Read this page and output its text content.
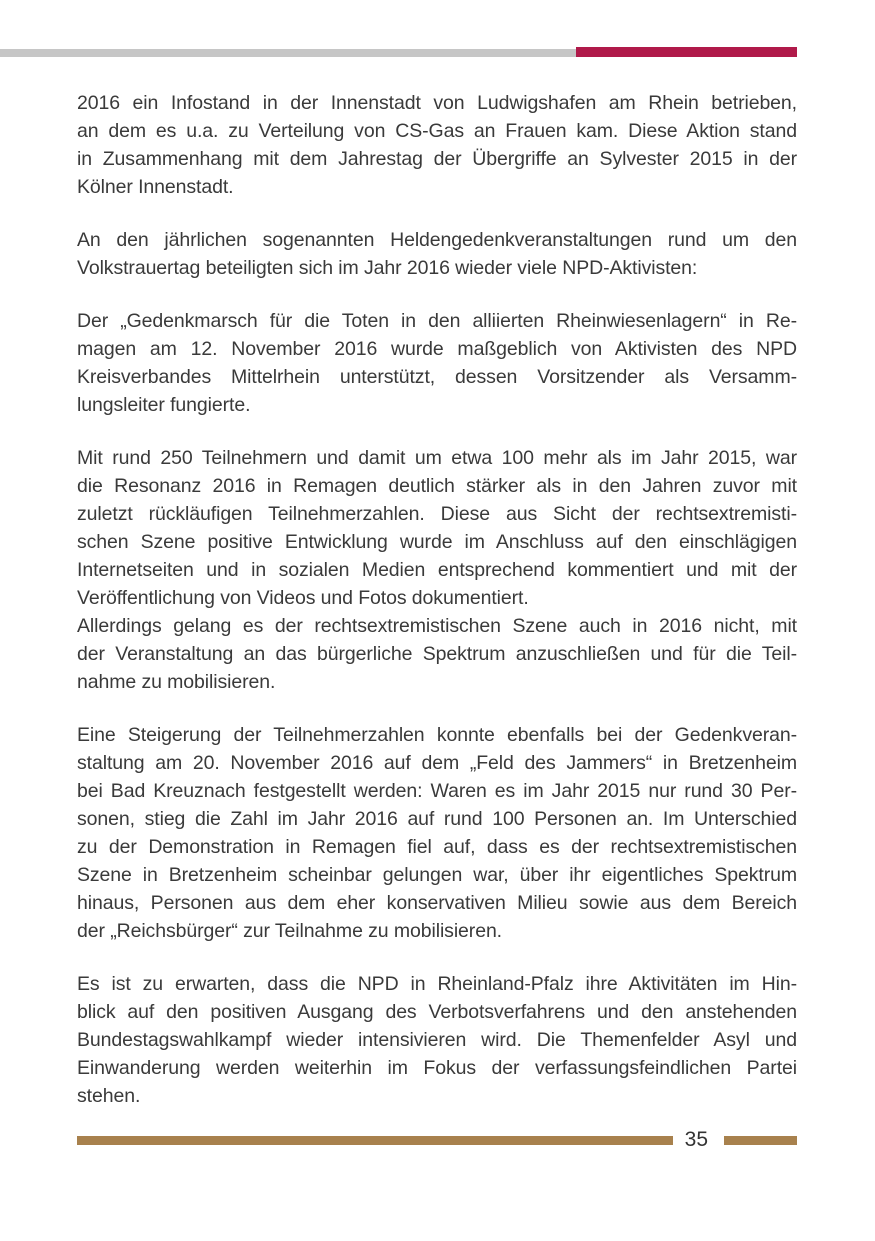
2016 ein Infostand in der Innenstadt von Ludwigshafen am Rhein betrieben,
an dem es u.a. zu Verteilung von CS-Gas an Frauen kam. Diese Aktion stand
in Zusammenhang mit dem Jahrestag der Übergriffe an Sylvester 2015 in der
Kölner Innenstadt.

An den jährlichen sogenannten Heldengedenkveranstaltungen rund um den
Volkstrauertag beteiligten sich im Jahr 2016 wieder viele NPD-Aktivisten:

Der „Gedenkmarsch für die Toten in den alliierten Rheinwiesenlagern“ in Re-
magen am 12. November 2016 wurde maßgeblich von Aktivisten des NPD
Kreisverbandes Mittelrhein unterstützt, dessen Vorsitzender als Versamm-
lungsleiter fungierte.

Mit rund 250 Teilnehmern und damit um etwa 100 mehr als im Jahr 2015, war
die Resonanz 2016 in Remagen deutlich stärker als in den Jahren zuvor mit
zuletzt rückläufigen Teilnehmerzahlen. Diese aus Sicht der rechtsextremisti-
schen Szene positive Entwicklung wurde im Anschluss auf den einschlägigen
Internetseiten und in sozialen Medien entsprechend kommentiert und mit der
Veröffentlichung von Videos und Fotos dokumentiert.

Allerdings gelang es der rechtsextremistischen Szene auch in 2016 nicht, mit
der Veranstaltung an das bürgerliche Spektrum anzuschließen und für die Teil-
nahme zu mobilisieren.

Eine Steigerung der Teilnehmerzahlen konnte ebenfalls bei der Gedenkveran-
staltung am 20. November 2016 auf dem „Feld des Jammers“ in Bretzenheim
bei Bad Kreuznach festgestellt werden: Waren es im Jahr 2015 nur rund 30 Per-
sonen, stieg die Zahl im Jahr 2016 auf rund 100 Personen an. Im Unterschied
zu der Demonstration in Remagen fiel auf, dass es der rechtsextremistischen
Szene in Bretzenheim scheinbar gelungen war, über ihr eigentliches Spektrum
hinaus, Personen aus dem eher konservativen Milieu sowie aus dem Bereich
der „Reichsbürger“ zur Teilnahme zu mobilisieren.

Es ist zu erwarten, dass die NPD in Rheinland-Pfalz ihre Aktivitäten im Hin-
blick auf den positiven Ausgang des Verbotsverfahrens und den anstehenden
Bundestagswahlkampf wieder intensivieren wird. Die Themenfelder Asyl und
Einwanderung werden weiterhin im Fokus der verfassungsfeindlichen Partei
stehen.

35
